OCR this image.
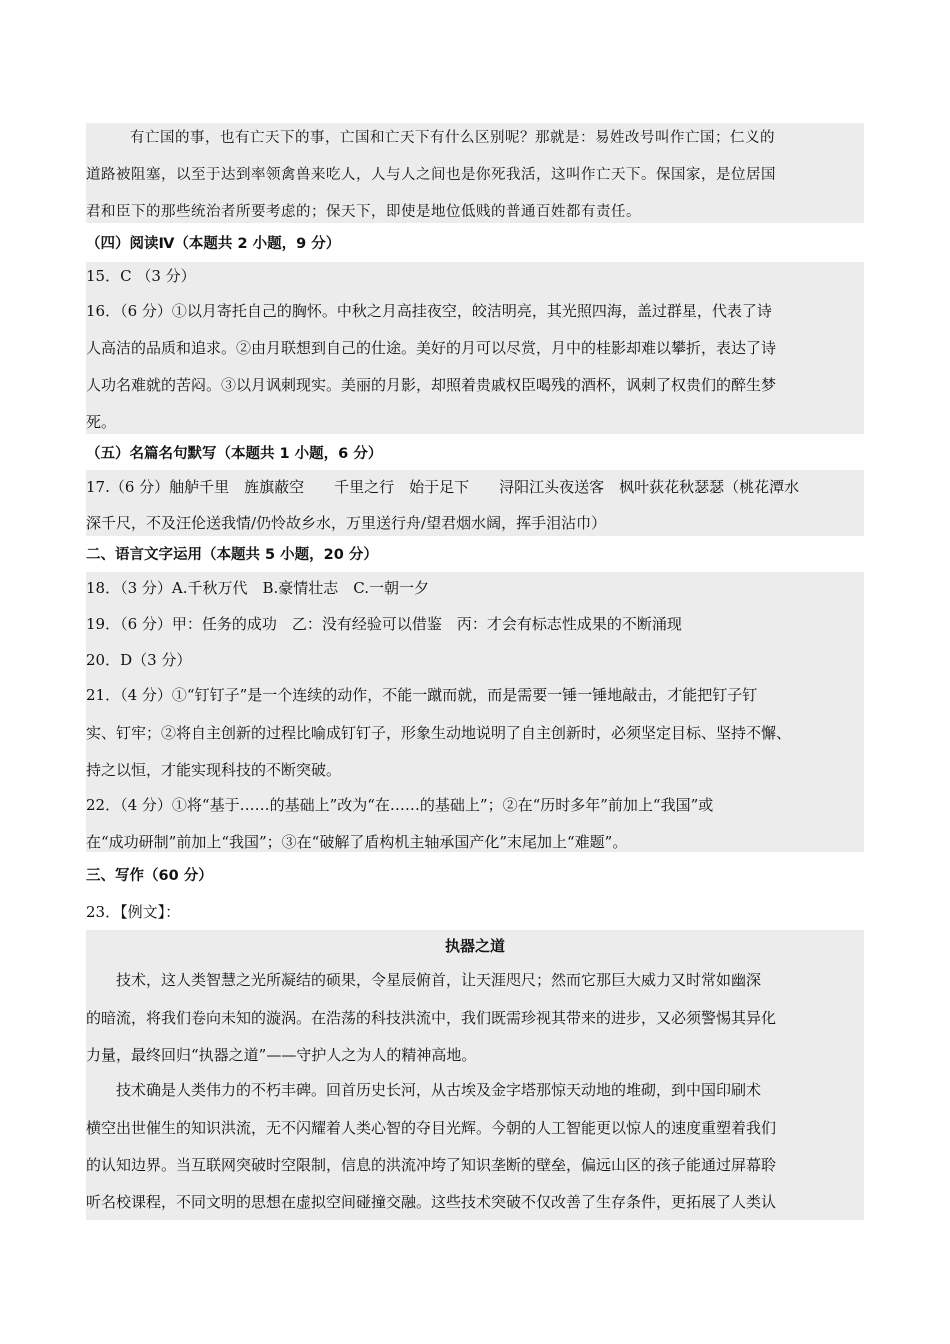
有亡国的事，也有亡天下的事，亡国和亡天下有什么区别呢？那就是：易姓改号叫作亡国；仁义的
道路被阻塞，以至于达到率领禽兽来吃人，人与人之间也是你死我活，这叫作亡天下。保国家，是位居国
君和臣下的那些统治者所要考虑的；保天下，即使是地位低贱的普通百姓都有责任。
（四）阅读Ⅳ（本题共 2 小题，9 分）
15．C （3 分）
16．（6 分）①以月寄托自己的胸怀。中秋之月高挂夜空，皎洁明亮，其光照四海，盖过群星，代表了诗
人高洁的品质和追求。②由月联想到自己的仕途。美好的月可以尽赏，月中的桂影却难以攀折，表达了诗
人功名难就的苦闷。③以月讽刺现实。美丽的月影，却照着贵戚权臣喝残的酒杯，讽刺了权贵们的醉生梦
死。
（五）名篇名句默写（本题共 1 小题，6 分）
17.（6 分）舳舻千里　旌旗蔽空　　千里之行　始于足下　　浔阳江头夜送客　枫叶荻花秋瑟瑟（桃花潭水
深千尺，不及汪伦送我情/仍怜故乡水，万里送行舟/望君烟水阔，挥手泪沾巾）
二、语言文字运用（本题共 5 小题，20 分）
18．（3 分）A.千秋万代　B.豪情壮志　C.一朝一夕
19．（6 分）甲：任务的成功　乙：没有经验可以借鉴　丙：才会有标志性成果的不断涌现
20．D（3 分）
21．（4 分）①“钉钉子”是一个连续的动作，不能一蹴而就，而是需要一锤一锤地敲击，才能把钉子钉
实、钉牢；②将自主创新的过程比喻成钉钉子，形象生动地说明了自主创新时，必须坚定目标、坚持不懈、
持之以恒，才能实现科技的不断突破。
22．（4 分）①将“基于……的基础上”改为“在……的基础上”；②在“历时多年”前加上“我国”或
在“成功研制”前加上“我国”；③在“破解了盾构机主轴承国产化”末尾加上“难题”。
三、写作（60 分）
23．【例文】：
执器之道
　　技术，这人类智慧之光所凝结的硕果，令星辰俯首，让天涯咫尺；然而它那巨大威力又时常如幽深
的暗流，将我们卷向未知的漩涡。在浩荡的科技洪流中，我们既需珍视其带来的进步，又必须警惕其异化
力量，最终回归“执器之道”——守护人之为人的精神高地。
　　技术确是人类伟力的不朽丰碑。回首历史长河，从古埃及金字塔那惊天动地的堆砌，到中国印刷术
横空出世催生的知识洪流，无不闪耀着人类心智的夺目光辉。今朝的人工智能更以惊人的速度重塑着我们
的认知边界。当互联网突破时空限制，信息的洪流冲垮了知识垄断的壁垒，偏远山区的孩子能通过屏幕聆
听名校课程，不同文明的思想在虚拟空间碰撞交融。这些技术突破不仅改善了生存条件，更拓展了人类认
